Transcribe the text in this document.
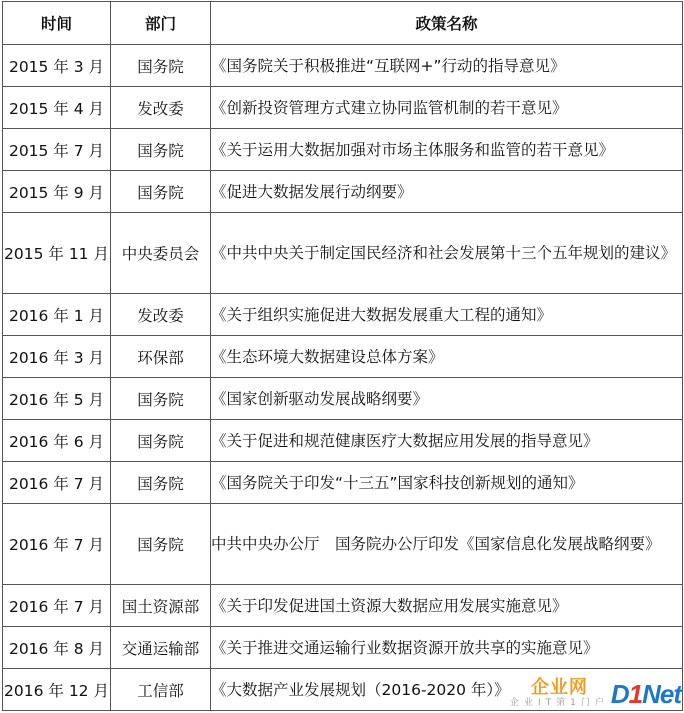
时间	部门	政策名称
2015 年 3 月	国务院	《国务院关于积极推进“互联网+”行动的指导意见》
2015 年 4 月	发改委	《创新投资管理方式建立协同监管机制的若干意见》
2015 年 7 月	国务院	《关于运用大数据加强对市场主体服务和监管的若干意见》
2015 年 9 月	国务院	《促进大数据发展行动纲要》
2015 年 11 月	中央委员会	《中共中央关于制定国民经济和社会发展第十三个五年规划的建议》
2016 年 1 月	发改委	《关于组织实施促进大数据发展重大工程的通知》
2016 年 3 月	环保部	《生态环境大数据建设总体方案》
2016 年 5 月	国务院	《国家创新驱动发展战略纲要》
2016 年 6 月	国务院	《关于促进和规范健康医疗大数据应用发展的指导意见》
2016 年 7 月	国务院	《国务院关于印发“十三五”国家科技创新规划的通知》
2016 年 7 月	国务院	中共中央办公厅　国务院办公厅印发《国家信息化发展战略纲要》
2016 年 7 月	国土资源部	《关于印发促进国土资源大数据应用发展实施意见》
2016 年 8 月	交通运输部	《关于推进交通运输行业数据资源开放共享的实施意见》
2016 年 12 月	工信部	《大数据产业发展规划（2016-2020 年）》 企业网
企业IT第1门户 D1Net
